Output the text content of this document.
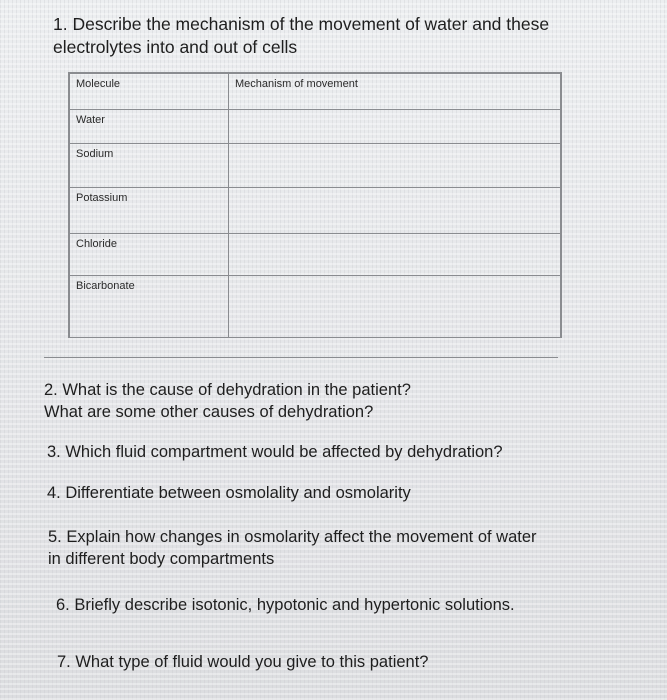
1. Describe the mechanism of the movement of water and these
electrolytes into and out of cells
Molecule	Mechanism of movement
Water	
Sodium	
Potassium	
Chloride	
Bicarbonate	
2. What is the cause of dehydration in the patient?
What are some other causes of dehydration?
3. Which fluid compartment would be affected by dehydration?
4. Differentiate between osmolality and osmolarity
5. Explain how changes in osmolarity affect the movement of water
in different body compartments
6. Briefly describe isotonic, hypotonic and hypertonic solutions.
7. What type of fluid would you give to this patient?
